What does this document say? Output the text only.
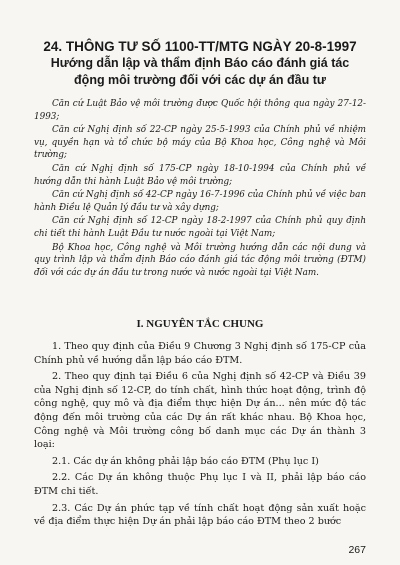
24. THÔNG TƯ SỐ 1100-TT/MTG NGÀY 20-8-1997
Hướng dẫn lập và thẩm định Báo cáo đánh giá tác
động môi trường đối với các dự án đầu tư

Căn cứ Luật Bảo vệ môi trường được Quốc hội thông qua ngày 27-12-1993;

Căn cứ Nghị định số 22-CP ngày 25-5-1993 của Chính phủ về nhiệm vụ, quyền hạn và tổ chức bộ máy của Bộ Khoa học, Công nghệ và Môi trường;

Căn cứ Nghị định số 175-CP ngày 18-10-1994 của Chính phủ về hướng dẫn thi hành Luật Bảo vệ môi trường;

Căn cứ Nghị định số 42-CP ngày 16-7-1996 của Chính phủ về việc ban hành Điều lệ Quản lý đầu tư và xây dựng;

Căn cứ Nghị định số 12-CP ngày 18-2-1997 của Chính phủ quy định chi tiết thi hành Luật Đầu tư nước ngoài tại Việt Nam;

Bộ Khoa học, Công nghệ và Môi trường hướng dẫn các nội dung và quy trình lập và thẩm định Báo cáo đánh giá tác động môi trường (ĐTM) đối với các dự án đầu tư trong nước và nước ngoài tại Việt Nam.

I. NGUYÊN TẮC CHUNG

1. Theo quy định của Điều 9 Chương 3 Nghị định số 175-CP của Chính phủ về hướng dẫn lập báo cáo ĐTM.

2. Theo quy định tại Điều 6 của Nghị định số 42-CP và Điều 39 của Nghị định số 12-CP, do tính chất, hình thức hoạt động, trình độ công nghệ, quy mô và địa điểm thực hiện Dự án... nên mức độ tác động đến môi trường của các Dự án rất khác nhau. Bộ Khoa học, Công nghệ và Môi trường công bố danh mục các Dự án thành 3 loại:

2.1. Các dự án không phải lập báo cáo ĐTM (Phụ lục I)

2.2. Các Dự án không thuộc Phụ lục I và II, phải lập báo cáo ĐTM chi tiết.

2.3. Các Dự án phức tạp về tính chất hoạt động sản xuất hoặc về địa điểm thực hiện Dự án phải lập báo cáo ĐTM theo 2 bước

267
